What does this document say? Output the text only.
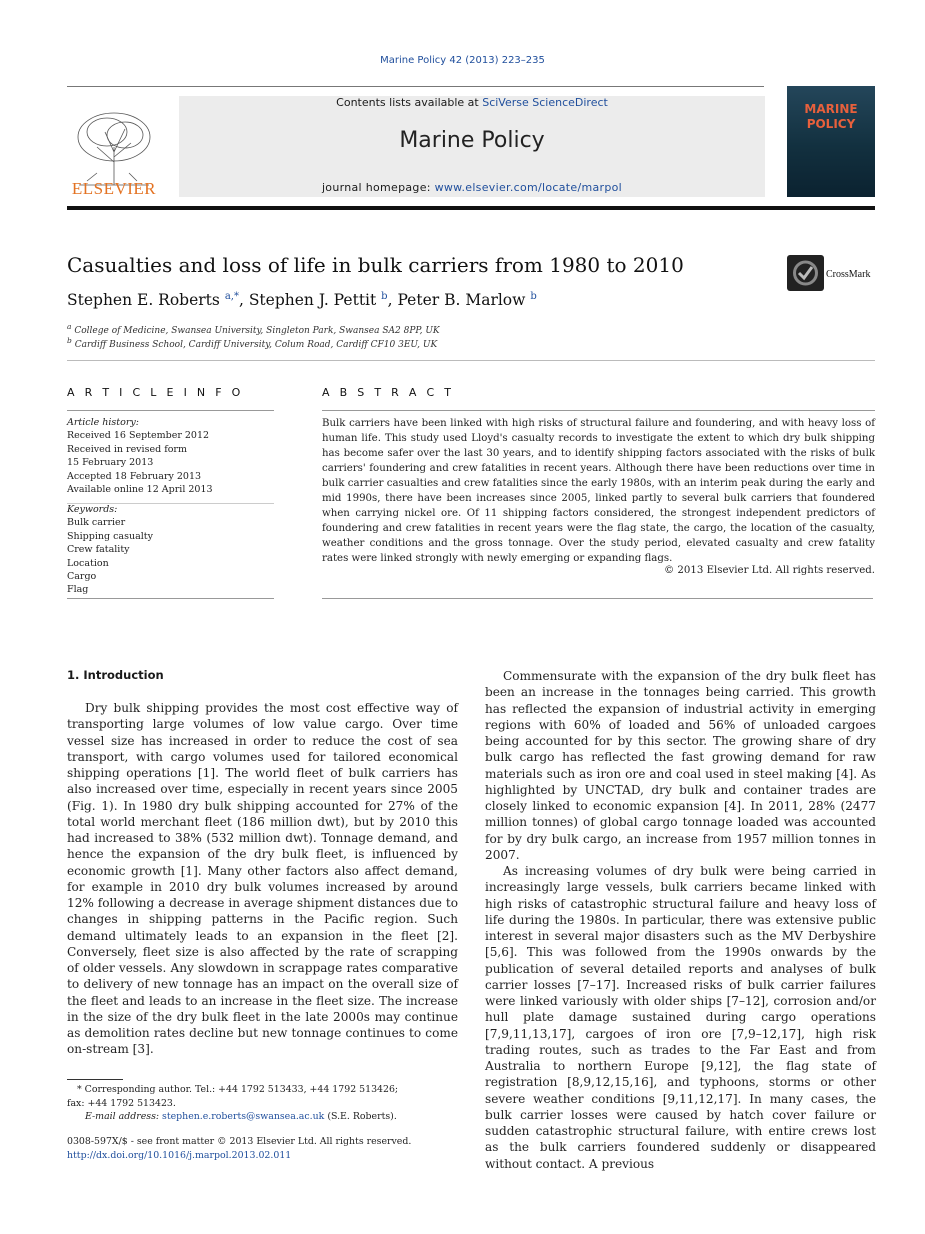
Marine Policy 42 (2013) 223–235
ELSEVIER
Contents lists available at SciVerse ScienceDirect
Marine Policy
journal homepage: www.elsevier.com/locate/marpol
MARINE
POLICY
Casualties and loss of life in bulk carriers from 1980 to 2010	CrossMark
Stephen E. Roberts $^{a,*}$, Stephen J. Pettit $^b$, Peter B. Marlow $^b$
$^a$ College of Medicine, Swansea University, Singleton Park, Swansea SA2 8PP, UK
$^b$ Cardiff Business School, Cardiff University, Colum Road, Cardiff CF10 3EU, UK
A R T I C L E I N F O	A B S T R A C T
Article history:
Received 16 September 2012
Received in revised form
15 February 2013
Accepted 18 February 2013
Available online 12 April 2013
Keywords:
Bulk carrier
Shipping casualty
Crew fatality
Location
Cargo
Flag
Bulk carriers have been linked with high risks of structural failure and foundering, and with heavy loss of human life. This study used Lloyd's casualty records to investigate the extent to which dry bulk shipping has become safer over the last 30 years, and to identify shipping factors associated with the risks of bulk carriers' foundering and crew fatalities in recent years. Although there have been reductions over time in bulk carrier casualties and crew fatalities since the early 1980s, with an interim peak during the early and mid 1990s, there have been increases since 2005, linked partly to several bulk carriers that foundered when carrying nickel ore. Of 11 shipping factors considered, the strongest independent predictors of foundering and crew fatalities in recent years were the flag state, the cargo, the location of the casualty, weather conditions and the gross tonnage. Over the study period, elevated casualty and crew fatality rates were linked strongly with newly emerging or expanding flags.
© 2013 Elsevier Ltd. All rights reserved.
1. Introduction

Dry bulk shipping provides the most cost effective way of transporting large volumes of low value cargo. Over time vessel size has increased in order to reduce the cost of sea transport, with cargo volumes used for tailored economical shipping operations [1]. The world fleet of bulk carriers has also increased over time, especially in recent years since 2005 (Fig. 1). In 1980 dry bulk shipping accounted for 27% of the total world merchant fleet (186 million dwt), but by 2010 this had increased to 38% (532 million dwt). Tonnage demand, and hence the expansion of the dry bulk fleet, is influenced by economic growth [1]. Many other factors also affect demand, for example in 2010 dry bulk volumes increased by around 12% following a decrease in average shipment distances due to changes in shipping patterns in the Pacific region. Such demand ultimately leads to an expansion in the fleet [2]. Conversely, fleet size is also affected by the rate of scrapping of older vessels. Any slowdown in scrappage rates comparative to delivery of new tonnage has an impact on the overall size of the fleet and leads to an increase in the fleet size. The increase in the size of the dry bulk fleet in the late 2000s may continue as demolition rates decline but new tonnage continues to come on-stream [3].

Commensurate with the expansion of the dry bulk fleet has been an increase in the tonnages being carried. This growth has reflected the expansion of industrial activity in emerging regions with 60% of loaded and 56% of unloaded cargoes being accounted for by this sector. The growing share of dry bulk cargo has reflected the fast growing demand for raw materials such as iron ore and coal used in steel making [4]. As highlighted by UNCTAD, dry bulk and container trades are closely linked to economic expansion [4]. In 2011, 28% (2477 million tonnes) of global cargo tonnage loaded was accounted for by dry bulk cargo, an increase from 1957 million tonnes in 2007.

As increasing volumes of dry bulk were being carried in increasingly large vessels, bulk carriers became linked with high risks of catastrophic structural failure and heavy loss of life during the 1980s. In particular, there was extensive public interest in several major disasters such as the MV Derbyshire [5,6]. This was followed from the 1990s onwards by the publication of several detailed reports and analyses of bulk carrier losses [7–17]. Increased risks of bulk carrier failures were linked variously with older ships [7–12], corrosion and/or hull plate damage sustained during cargo operations [7,9,11,13,17], cargoes of iron ore [7,9–12,17], high risk trading routes, such as trades to the Far East and from Australia to northern Europe [9,12], the flag state of registration [8,9,12,15,16], and typhoons, storms or other severe weather conditions [9,11,12,17]. In many cases, the bulk carrier losses were caused by hatch cover failure or sudden catastrophic structural failure, with entire crews lost as the bulk carriers foundered suddenly or disappeared without contact. A previous

* Corresponding author. Tel.: +44 1792 513433, +44 1792 513426;
fax: +44 1792 513423.
E-mail address: stephen.e.roberts@swansea.ac.uk (S.E. Roberts).
0308-597X/$ - see front matter © 2013 Elsevier Ltd. All rights reserved.
http://dx.doi.org/10.1016/j.marpol.2013.02.011
